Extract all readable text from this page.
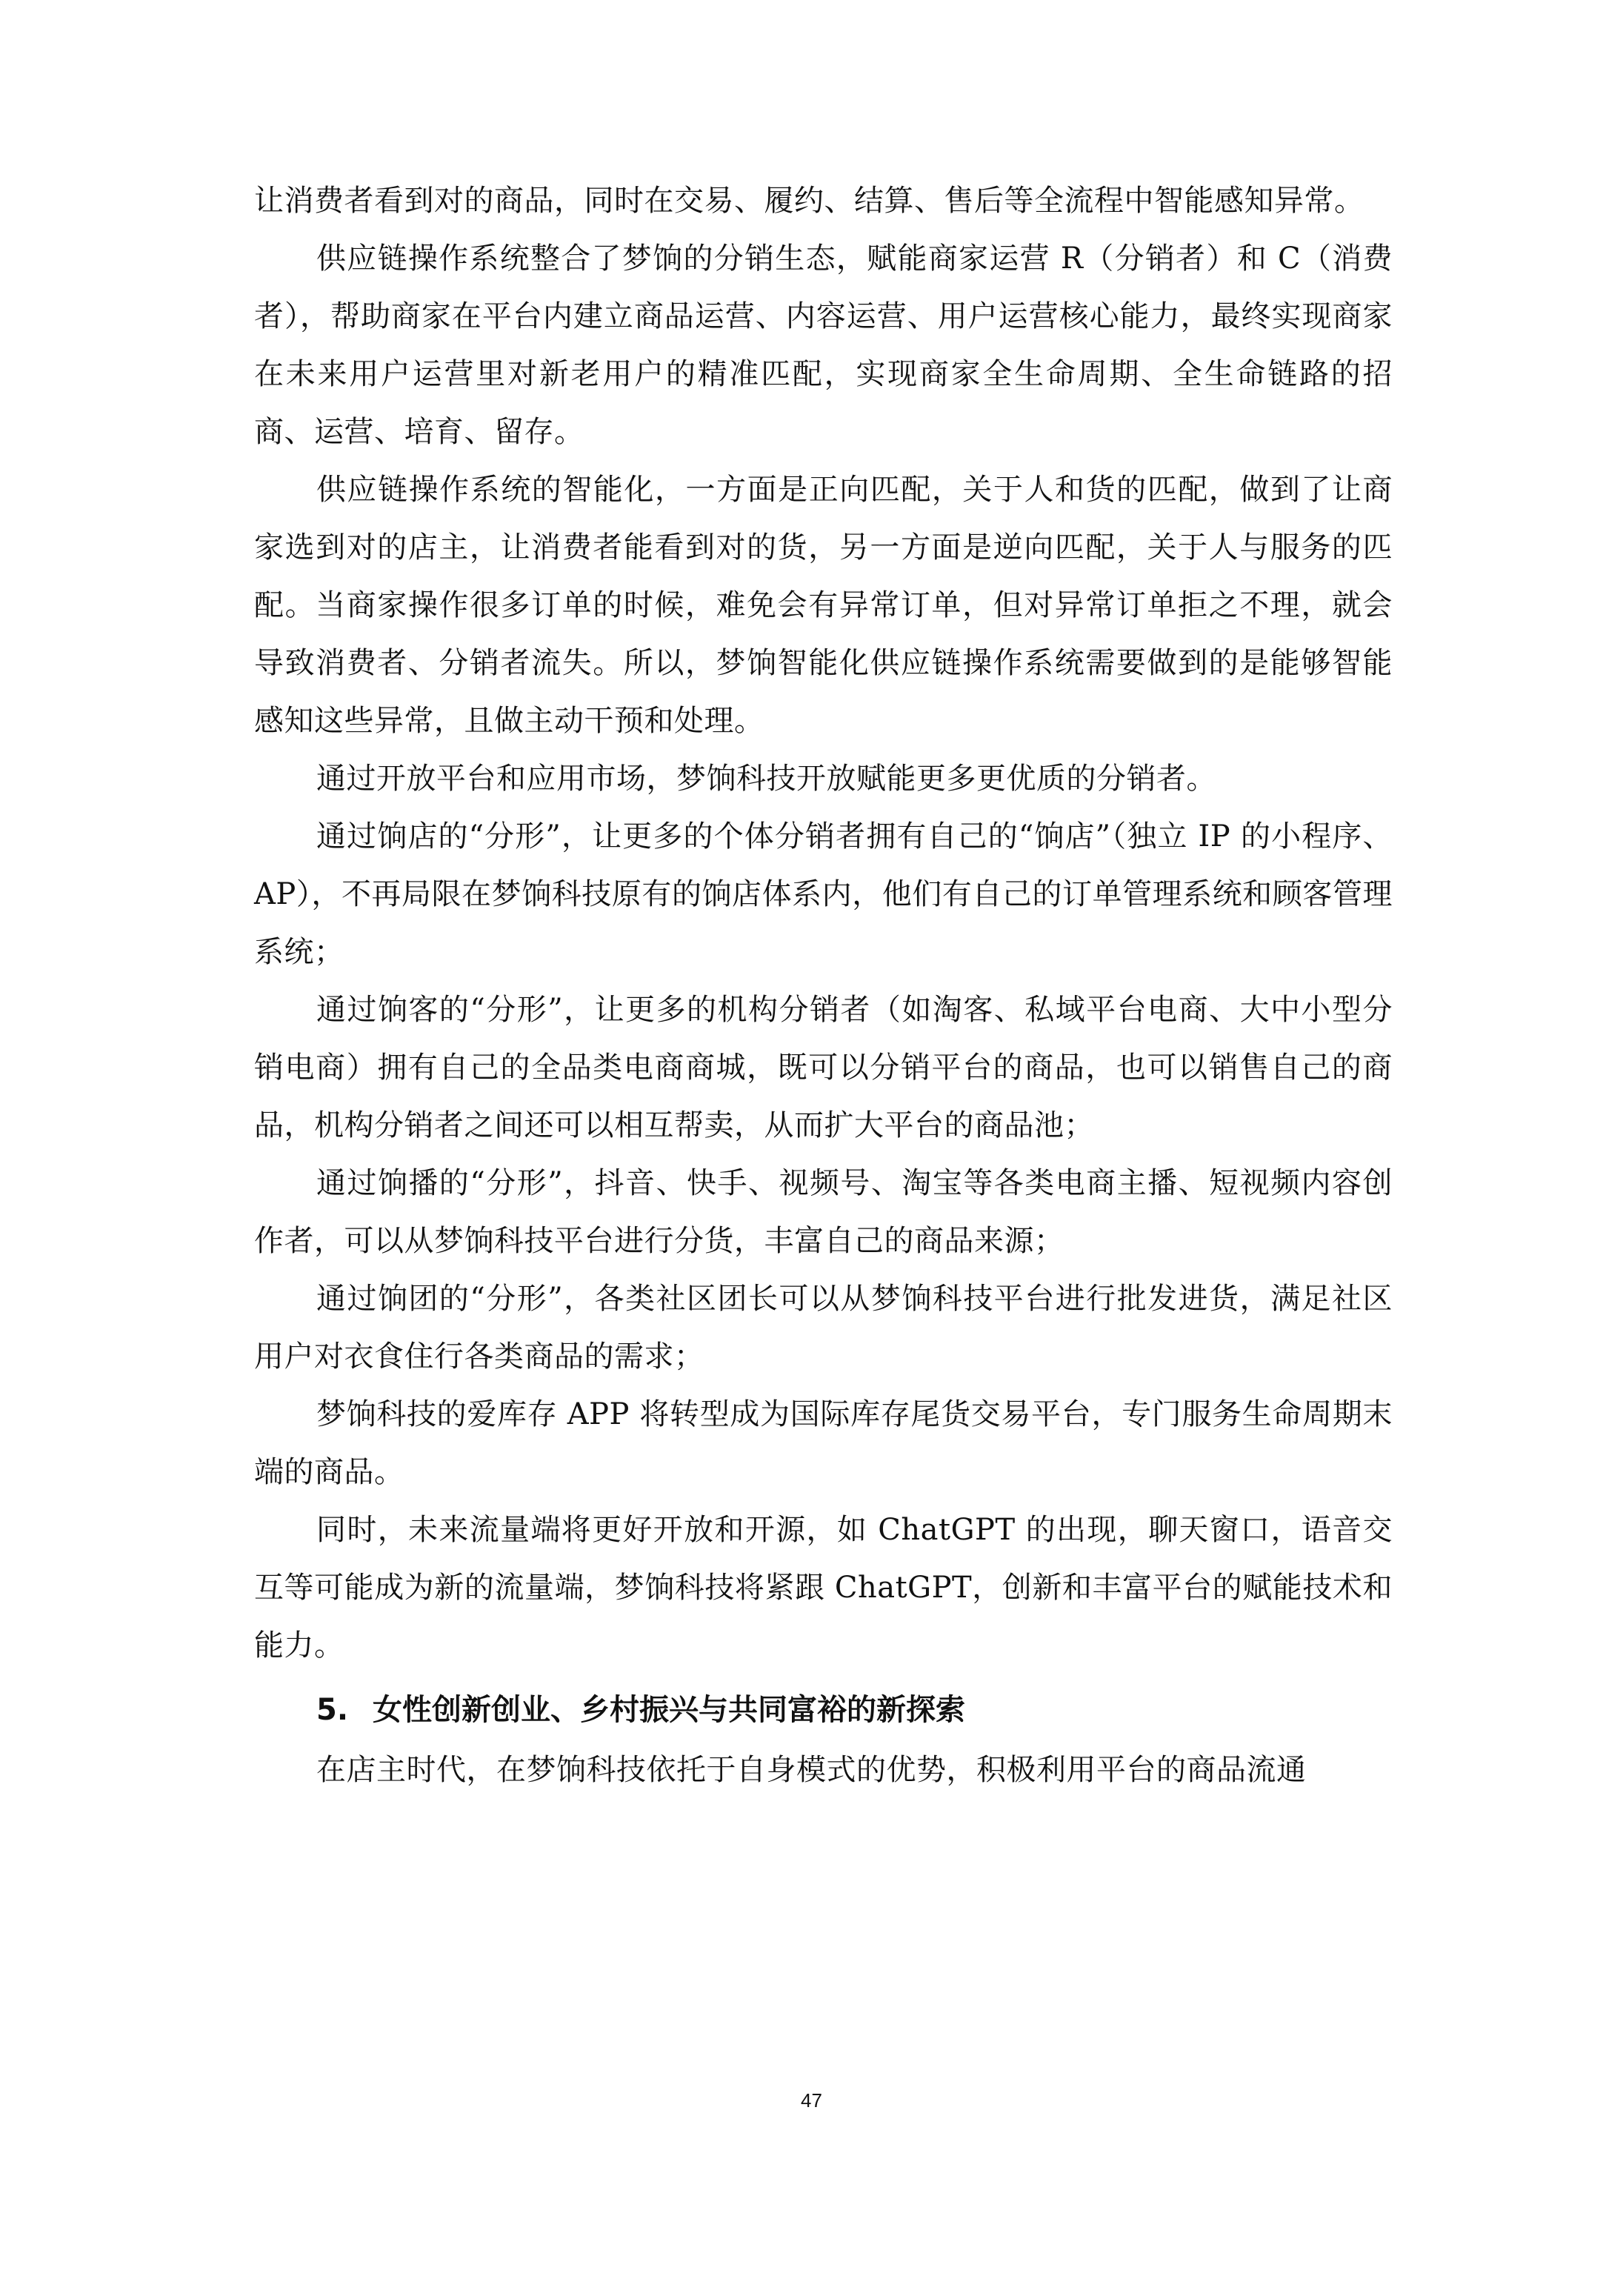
让消费者看到对的商品，同时在交易、履约、结算、售后等全流程中智能感知异常。

供应链操作系统整合了梦饷的分销生态，赋能商家运营 R（分销者）和 C（消费者），帮助商家在平台内建立商品运营、内容运营、用户运营核心能力，最终实现商家在未来用户运营里对新老用户的精准匹配，实现商家全生命周期、全生命链路的招商、运营、培育、留存。

供应链操作系统的智能化，一方面是正向匹配，关于人和货的匹配，做到了让商家选到对的店主，让消费者能看到对的货，另一方面是逆向匹配，关于人与服务的匹配。当商家操作很多订单的时候，难免会有异常订单，但对异常订单拒之不理，就会导致消费者、分销者流失。所以，梦饷智能化供应链操作系统需要做到的是能够智能感知这些异常，且做主动干预和处理。

通过开放平台和应用市场，梦饷科技开放赋能更多更优质的分销者。

通过饷店的“分形”，让更多的个体分销者拥有自己的“饷店”（独立 IP 的小程序、AP），不再局限在梦饷科技原有的饷店体系内，他们有自己的订单管理系统和顾客管理系统；

通过饷客的“分形”，让更多的机构分销者（如淘客、私域平台电商、大中小型分销电商）拥有自己的全品类电商商城，既可以分销平台的商品，也可以销售自己的商品，机构分销者之间还可以相互帮卖，从而扩大平台的商品池；

通过饷播的“分形”，抖音、快手、视频号、淘宝等各类电商主播、短视频内容创作者，可以从梦饷科技平台进行分货，丰富自己的商品来源；

通过饷团的“分形”，各类社区团长可以从梦饷科技平台进行批发进货，满足社区用户对衣食住行各类商品的需求；

梦饷科技的爱库存 APP 将转型成为国际库存尾货交易平台，专门服务生命周期末端的商品。

同时，未来流量端将更好开放和开源，如 ChatGPT 的出现，聊天窗口，语音交互等可能成为新的流量端，梦饷科技将紧跟 ChatGPT，创新和丰富平台的赋能技术和能力。

5. 女性创新创业、乡村振兴与共同富裕的新探索

在店主时代，在梦饷科技依托于自身模式的优势，积极利用平台的商品流通

47
